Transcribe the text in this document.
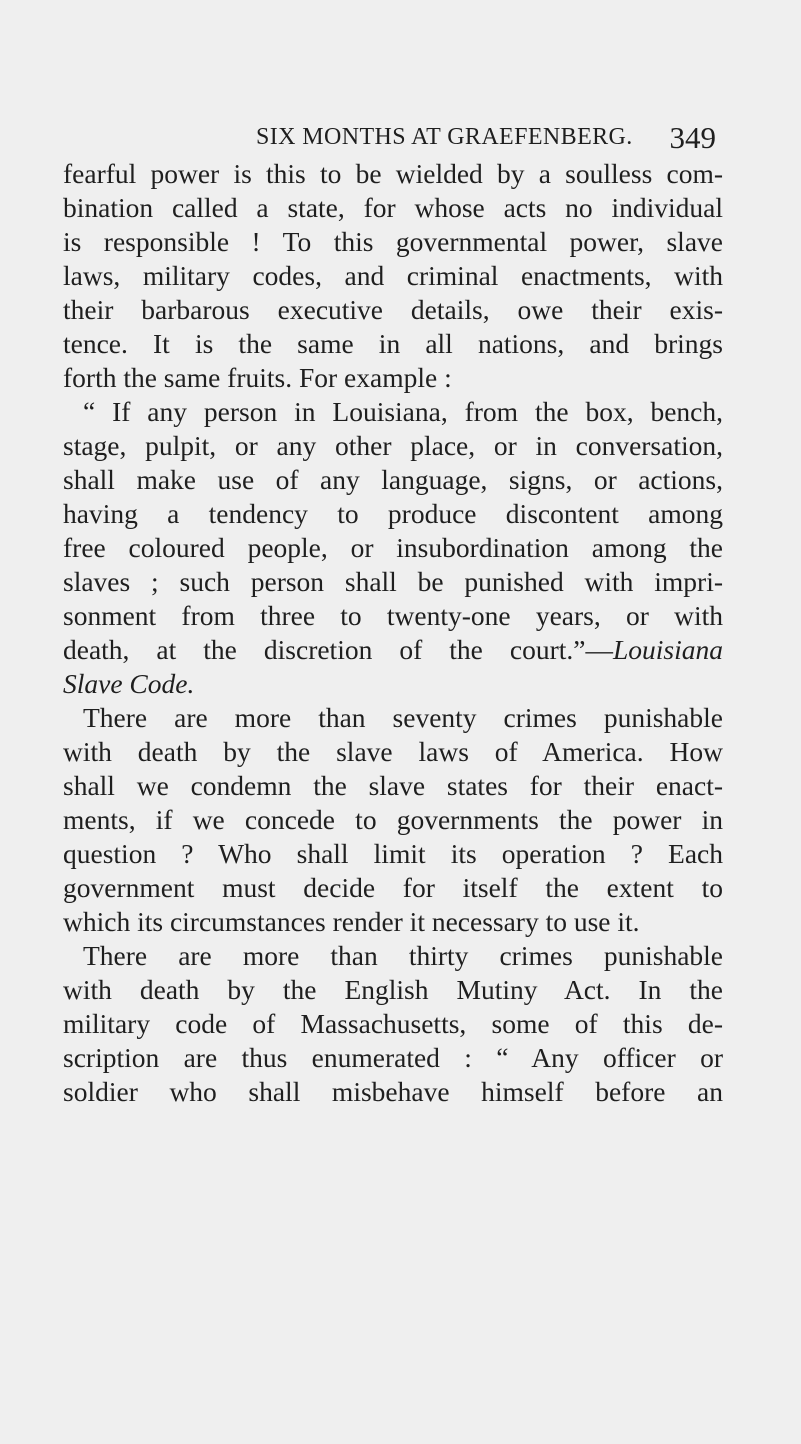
SIX MONTHS AT GRAEFENBERG. 349
fearful power is this to be wielded by a soulless com-
bination called a state, for whose acts no individual
is responsible ! To this governmental power, slave
laws, military codes, and criminal enactments, with
their barbarous executive details, owe their exis-
tence. It is the same in all nations, and brings
forth the same fruits. For example :
“ If any person in Louisiana, from the box, bench,
stage, pulpit, or any other place, or in conversation,
shall make use of any language, signs, or actions,
having a tendency to produce discontent among
free coloured people, or insubordination among the
slaves ; such person shall be punished with impri-
sonment from three to twenty-one years, or with
death, at the discretion of the court.”—Louisiana
Slave Code.
There are more than seventy crimes punishable
with death by the slave laws of America. How
shall we condemn the slave states for their enact-
ments, if we concede to governments the power in
question ? Who shall limit its operation ? Each
government must decide for itself the extent to
which its circumstances render it necessary to use it.
There are more than thirty crimes punishable
with death by the English Mutiny Act. In the
military code of Massachusetts, some of this de-
scription are thus enumerated : “ Any officer or
soldier who shall misbehave himself before an
